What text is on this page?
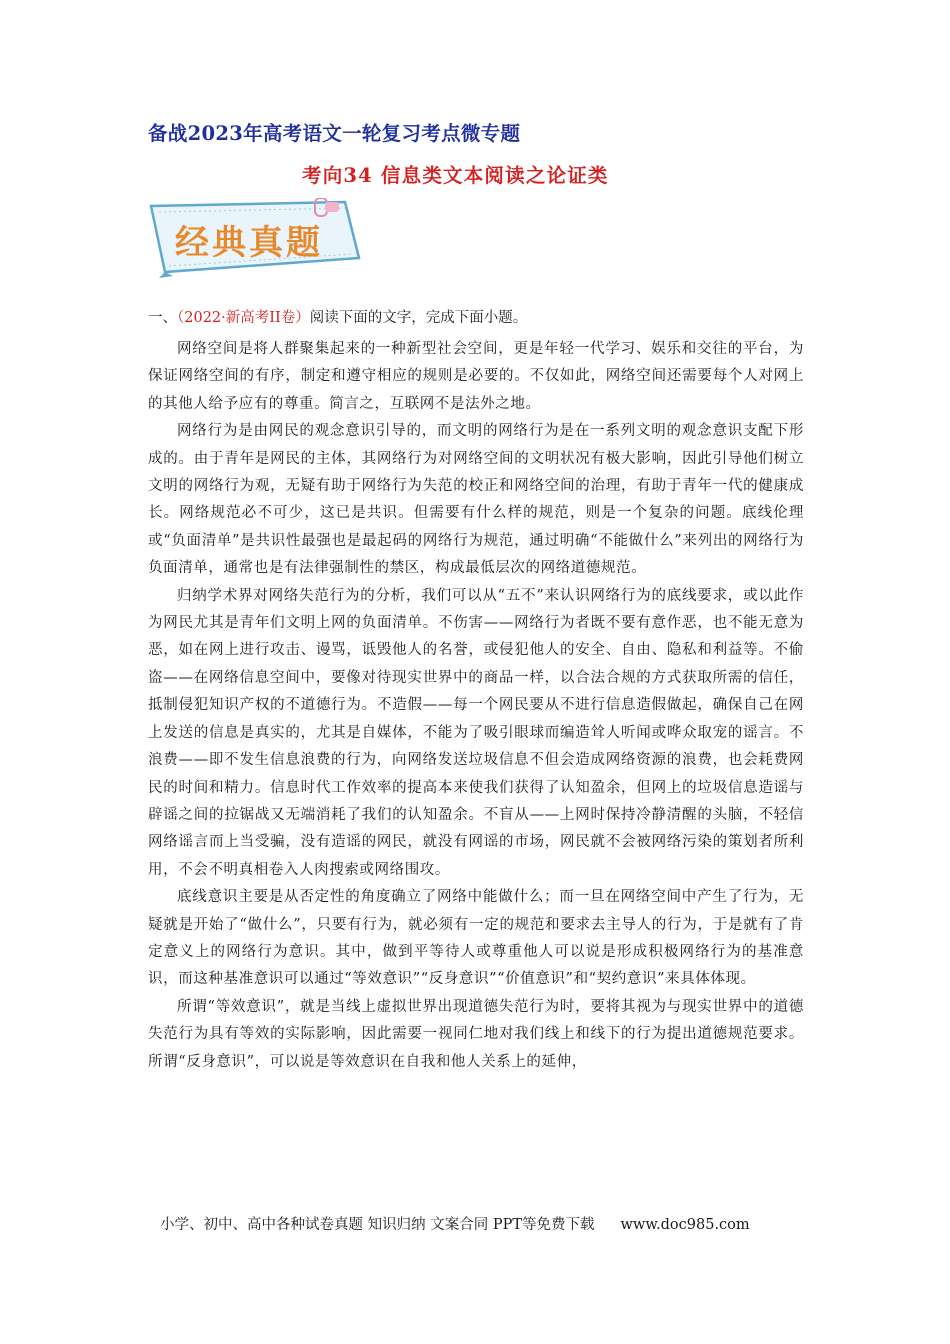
备战2023年高考语文一轮复习考点微专题
考向34 信息类文本阅读之论证类
经典真题
一、（2022·新高考II卷）阅读下面的文字，完成下面小题。

网络空间是将人群聚集起来的一种新型社会空间，更是年轻一代学习、娱乐和交往的平台，为保证网络空间的有序，制定和遵守相应的规则是必要的。不仅如此，网络空间还需要每个人对网上的其他人给予应有的尊重。简言之，互联网不是法外之地。

网络行为是由网民的观念意识引导的，而文明的网络行为是在一系列文明的观念意识支配下形成的。由于青年是网民的主体，其网络行为对网络空间的文明状况有极大影响，因此引导他们树立文明的网络行为观，无疑有助于网络行为失范的校正和网络空间的治理，有助于青年一代的健康成长。网络规范必不可少，这已是共识。但需要有什么样的规范，则是一个复杂的问题。底线伦理或“负面清单”是共识性最强也是最起码的网络行为规范，通过明确“不能做什么”来列出的网络行为负面清单，通常也是有法律强制性的禁区，构成最低层次的网络道德规范。

归纳学术界对网络失范行为的分析，我们可以从“五不”来认识网络行为的底线要求，或以此作为网民尤其是青年们文明上网的负面清单。不伤害——网络行为者既不要有意作恶，也不能无意为恶，如在网上进行攻击、谩骂，诋毁他人的名誉，或侵犯他人的安全、自由、隐私和利益等。不偷盗——在网络信息空间中，要像对待现实世界中的商品一样，以合法合规的方式获取所需的信任，抵制侵犯知识产权的不道德行为。不造假——每一个网民要从不进行信息造假做起，确保自己在网上发送的信息是真实的，尤其是自媒体，不能为了吸引眼球而编造耸人听闻或哗众取宠的谣言。不浪费——即不发生信息浪费的行为，向网络发送垃圾信息不但会造成网络资源的浪费，也会耗费网民的时间和精力。信息时代工作效率的提高本来使我们获得了认知盈余，但网上的垃圾信息造谣与辟谣之间的拉锯战又无端消耗了我们的认知盈余。不盲从——上网时保持冷静清醒的头脑，不轻信网络谣言而上当受骗，没有造谣的网民，就没有网谣的市场，网民就不会被网络污染的策划者所利用，不会不明真相卷入人肉搜索或网络围攻。

底线意识主要是从否定性的角度确立了网络中能做什么；而一旦在网络空间中产生了行为，无疑就是开始了“做什么”，只要有行为，就必须有一定的规范和要求去主导人的行为，于是就有了肯定意义上的网络行为意识。其中，做到平等待人或尊重他人可以说是形成积极网络行为的基准意识，而这种基准意识可以通过“等效意识”“反身意识”“价值意识”和“契约意识”来具体体现。

所谓“等效意识”，就是当线上虚拟世界出现道德失范行为时，要将其视为与现实世界中的道德失范行为具有等效的实际影响，因此需要一视同仁地对我们线上和线下的行为提出道德规范要求。所谓“反身意识”，可以说是等效意识在自我和他人关系上的延伸，

小学、初中、高中各种试卷真题 知识归纳 文案合同 PPT等免费下载 www.doc985.com
